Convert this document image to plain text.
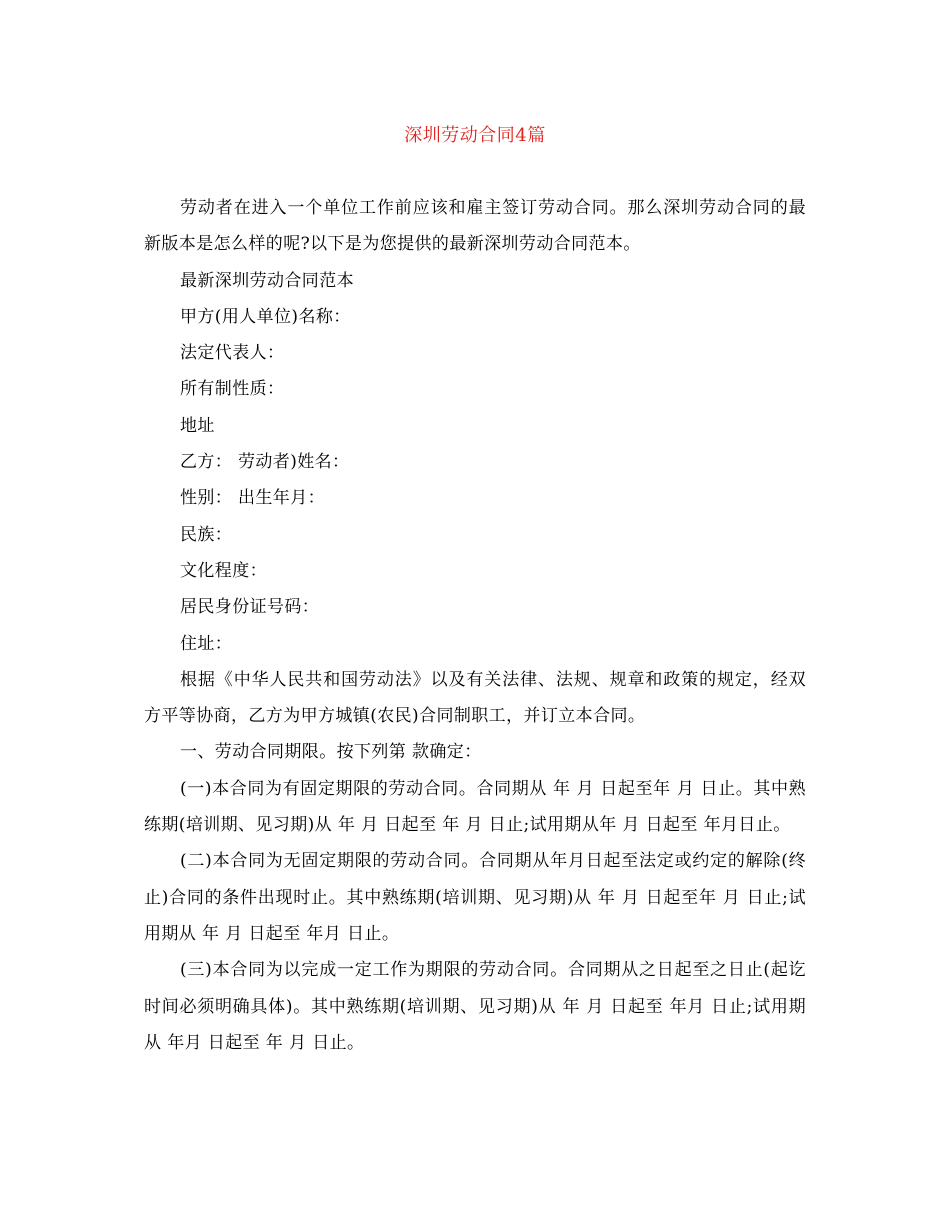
深圳劳动合同4篇

劳动者在进入一个单位工作前应该和雇主签订劳动合同。那么深圳劳动合同的最新版本是怎么样的呢?以下是为您提供的最新深圳劳动合同范本。

最新深圳劳动合同范本

甲方(用人单位)名称：

法定代表人：

所有制性质：

地址

乙方： 劳动者)姓名：

性别： 出生年月：

民族：

文化程度：

居民身份证号码：

住址：

根据《中华人民共和国劳动法》以及有关法律、法规、规章和政策的规定，经双方平等协商，乙方为甲方城镇(农民)合同制职工，并订立本合同。

一、劳动合同期限。按下列第 款确定：

(一)本合同为有固定期限的劳动合同。合同期从 年 月 日起至年 月 日止。其中熟练期(培训期、见习期)从 年 月 日起至 年 月 日止;试用期从年 月 日起至 年月日止。

(二)本合同为无固定期限的劳动合同。合同期从年月日起至法定或约定的解除(终止)合同的条件出现时止。其中熟练期(培训期、见习期)从 年 月 日起至年 月 日止;试用期从 年 月 日起至 年月 日止。

(三)本合同为以完成一定工作为期限的劳动合同。合同期从之日起至之日止(起讫时间必须明确具体)。其中熟练期(培训期、见习期)从 年 月 日起至 年月 日止;试用期从 年月 日起至 年 月 日止。
